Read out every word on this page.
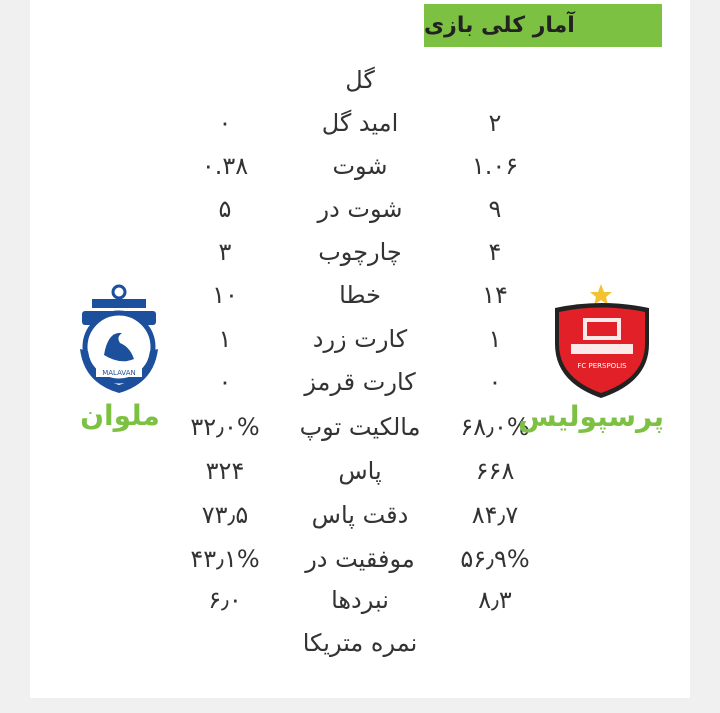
آمار کلی بازی
گل
۲
امید گل
۰
۱.۰۶
شوت
۰.۳۸
۹
شوت در
۵
۴
چارچوب
۳
۱۴
خطا
۱۰
۱
کارت زرد
۱
۰
کارت قرمز
۰
۶۸٫۰%
مالکیت توپ
۳۲٫۰%
۶۶۸
پاس
۳۲۴
۸۴٫۷
دقت پاس
۷۳٫۵
۵۶٫۹%
موفقیت در
۴۳٫۱%
۸٫۳
نبردها
۶٫۰
نمره متریکا
FC PERSPOLIS
پرسپولیس
MALAVAN
ملوان
